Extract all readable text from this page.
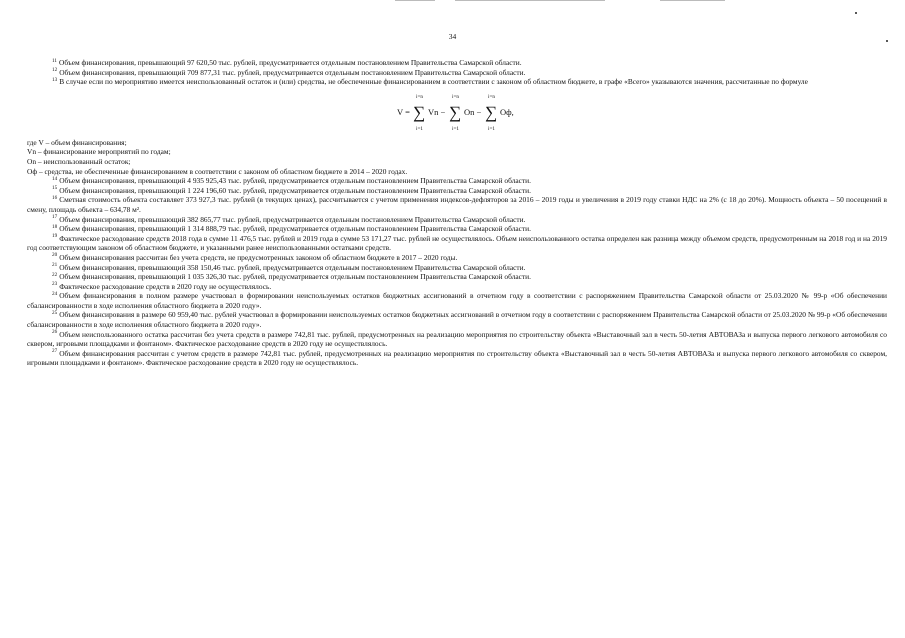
34

$^{11}$ Объем финансирования, превышающий 97 620,50 тыс. рублей, предусматривается отдельным постановлением Правительства Самарской области.

$^{12}$ Объем финансирования, превышающий 709 877,31 тыс. рублей, предусматривается отдельным постановлением Правительства Самарской области.

$^{13}$ В случае если по мероприятию имеется неиспользованный остаток и (или) средства, не обеспеченные финансированием в соответствии с законом об областном бюджете, в графе «Всего» указываются значения, рассчитанные по формуле

V =
i=n
∑
i=1
Vn −
i=n
∑
i=1
On −
i=n
∑
i=1
Oф,

где V – объем финансирования;

Vn – финансирование мероприятий по годам;

On – неиспользованный остаток;

Oф – средства, не обеспеченные финансированием в соответствии с законом об областном бюджете в 2014 – 2020 годах.

$^{14}$ Объем финансирования, превышающий 4 935 925,43 тыс. рублей, предусматривается отдельным постановлением Правительства Самарской области.

$^{15}$ Объем финансирования, превышающий 1 224 196,60 тыс. рублей, предусматривается отдельным постановлением Правительства Самарской области.

$^{16}$ Сметная стоимость объекта составляет 373 927,3 тыс. рублей (в текущих ценах), рассчитывается с учетом применения индексов-дефляторов за 2016 – 2019 годы и увеличения в 2019 году ставки НДС на 2% (с 18 до 20%). Мощность объекта – 50 посещений в смену, площадь объекта – 634,78 м².

$^{17}$ Объем финансирования, превышающий 382 865,77 тыс. рублей, предусматривается отдельным постановлением Правительства Самарской области.

$^{18}$ Объем финансирования, превышающий 1 314 888,79 тыс. рублей, предусматривается отдельным постановлением Правительства Самарской области.

$^{19}$ Фактическое расходование средств 2018 года в сумме 11 476,5 тыс. рублей и 2019 года в сумме 53 171,27 тыс. рублей не осуществлялось. Объем неиспользованного остатка определен как разница между объемом средств, предусмотренным на 2018 год и на 2019 год соответствующим законом об областном бюджете, и указанными ранее неиспользованными остатками средств.

$^{20}$ Объем финансирования рассчитан без учета средств, не предусмотренных законом об областном бюджете в 2017 – 2020 годы.

$^{21}$ Объем финансирования, превышающий 358 150,46 тыс. рублей, предусматривается отдельным постановлением Правительства Самарской области.

$^{22}$ Объем финансирования, превышающий 1 035 326,30 тыс. рублей, предусматривается отдельным постановлением Правительства Самарской области.

$^{23}$ Фактическое расходование средств в 2020 году не осуществлялось.

$^{24}$ Объем финансирования в полном размере участвовал в формировании неиспользуемых остатков бюджетных ассигнований в отчетном году в соответствии с распоряжением Правительства Самарской области от 25.03.2020 № 99-р «Об обеспечении сбалансированности в ходе исполнения областного бюджета в 2020 году».

$^{25}$ Объем финансирования в размере 60 959,40 тыс. рублей участвовал в формировании неиспользуемых остатков бюджетных ассигнований в отчетном году в соответствии с распоряжением Правительства Самарской области от 25.03.2020 № 99-р «Об обеспечении сбалансированности в ходе исполнения областного бюджета в 2020 году».

$^{26}$ Объем неиспользованного остатка рассчитан без учета средств в размере 742,81 тыс. рублей, предусмотренных на реализацию мероприятия по строительству объекта «Выставочный зал в честь 50-летия АВТОВАЗа и выпуска первого легкового автомобиля со сквером, игровыми площадками и фонтаном». Фактическое расходование средств в 2020 году не осуществлялось.

$^{27}$ Объем финансирования рассчитан с учетом средств в размере 742,81 тыс. рублей, предусмотренных на реализацию мероприятия по строительству объекта «Выставочный зал в честь 50-летия АВТОВАЗа и выпуска первого легкового автомобиля со сквером, игровыми площадками и фонтаном». Фактическое расходование средств в 2020 году не осуществлялось.
